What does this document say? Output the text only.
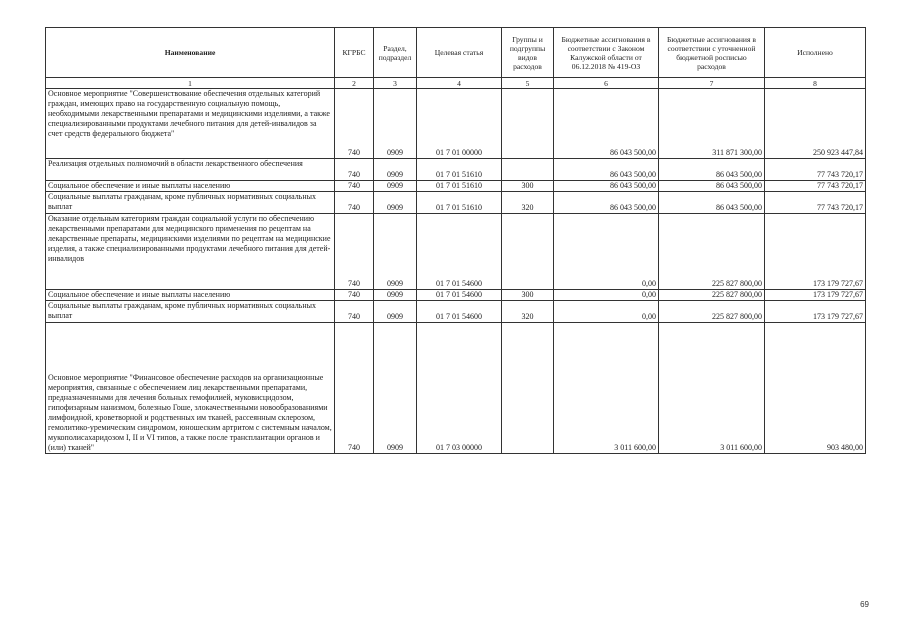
Наименование	КГРБС	Раздел, подраздел	Целевая статья	Группы и подгруппы видов расходов	Бюджетные ассигнования в соответствии с Законом Калужской области от 06.12.2018 № 419-ОЗ	Бюджетные ассигнования в соответствии с уточненной бюджетной росписью расходов	Исполнено
1	2	3	4	5	6	7	8
Основное мероприятие "Совершенствование обеспечения отдельных категорий граждан, имеющих право на государственную социальную помощь, необходимыми лекарственными препаратами и медицинскими изделиями, а также специализированными продуктами лечебного питания для детей-инвалидов за счет средств федерального бюджета"	740	0909	01 7 01 00000		86 043 500,00	311 871 300,00	250 923 447,84
Реализация отдельных полномочий в области лекарственного обеспечения	740	0909	01 7 01 51610		86 043 500,00	86 043 500,00	77 743 720,17
Социальное обеспечение и иные выплаты населению	740	0909	01 7 01 51610	300	86 043 500,00	86 043 500,00	77 743 720,17
Социальные выплаты гражданам, кроме публичных нормативных социальных выплат	740	0909	01 7 01 51610	320	86 043 500,00	86 043 500,00	77 743 720,17
Оказание отдельным категориям граждан социальной услуги по обеспечению лекарственными препаратами для медицинского применения по рецептам на лекарственные препараты, медицинскими изделиями по рецептам на медицинские изделия, а также специализированными продуктами лечебного питания для детей-инвалидов	740	0909	01 7 01 54600		0,00	225 827 800,00	173 179 727,67
Социальное обеспечение и иные выплаты населению	740	0909	01 7 01 54600	300	0,00	225 827 800,00	173 179 727,67
Социальные выплаты гражданам, кроме публичных нормативных социальных выплат	740	0909	01 7 01 54600	320	0,00	225 827 800,00	173 179 727,67
Основное мероприятие "Финансовое обеспечение расходов на организационные мероприятия, связанные с обеспечением лиц лекарственными препаратами, предназначенными для лечения больных гемофилией, муковисцидозом, гипофизарным нанизмом, болезнью Гоше, злокачественными новообразованиями лимфоидной, кроветворной и родственных им тканей, рассеянным склерозом, гемолитико-уремическим синдромом, юношеским артритом с системным началом, мукополисахаридозом I, II и VI типов, а также после трансплантации органов и (или) тканей"	740	0909	01 7 03 00000		3 011 600,00	3 011 600,00	903 480,00
69
